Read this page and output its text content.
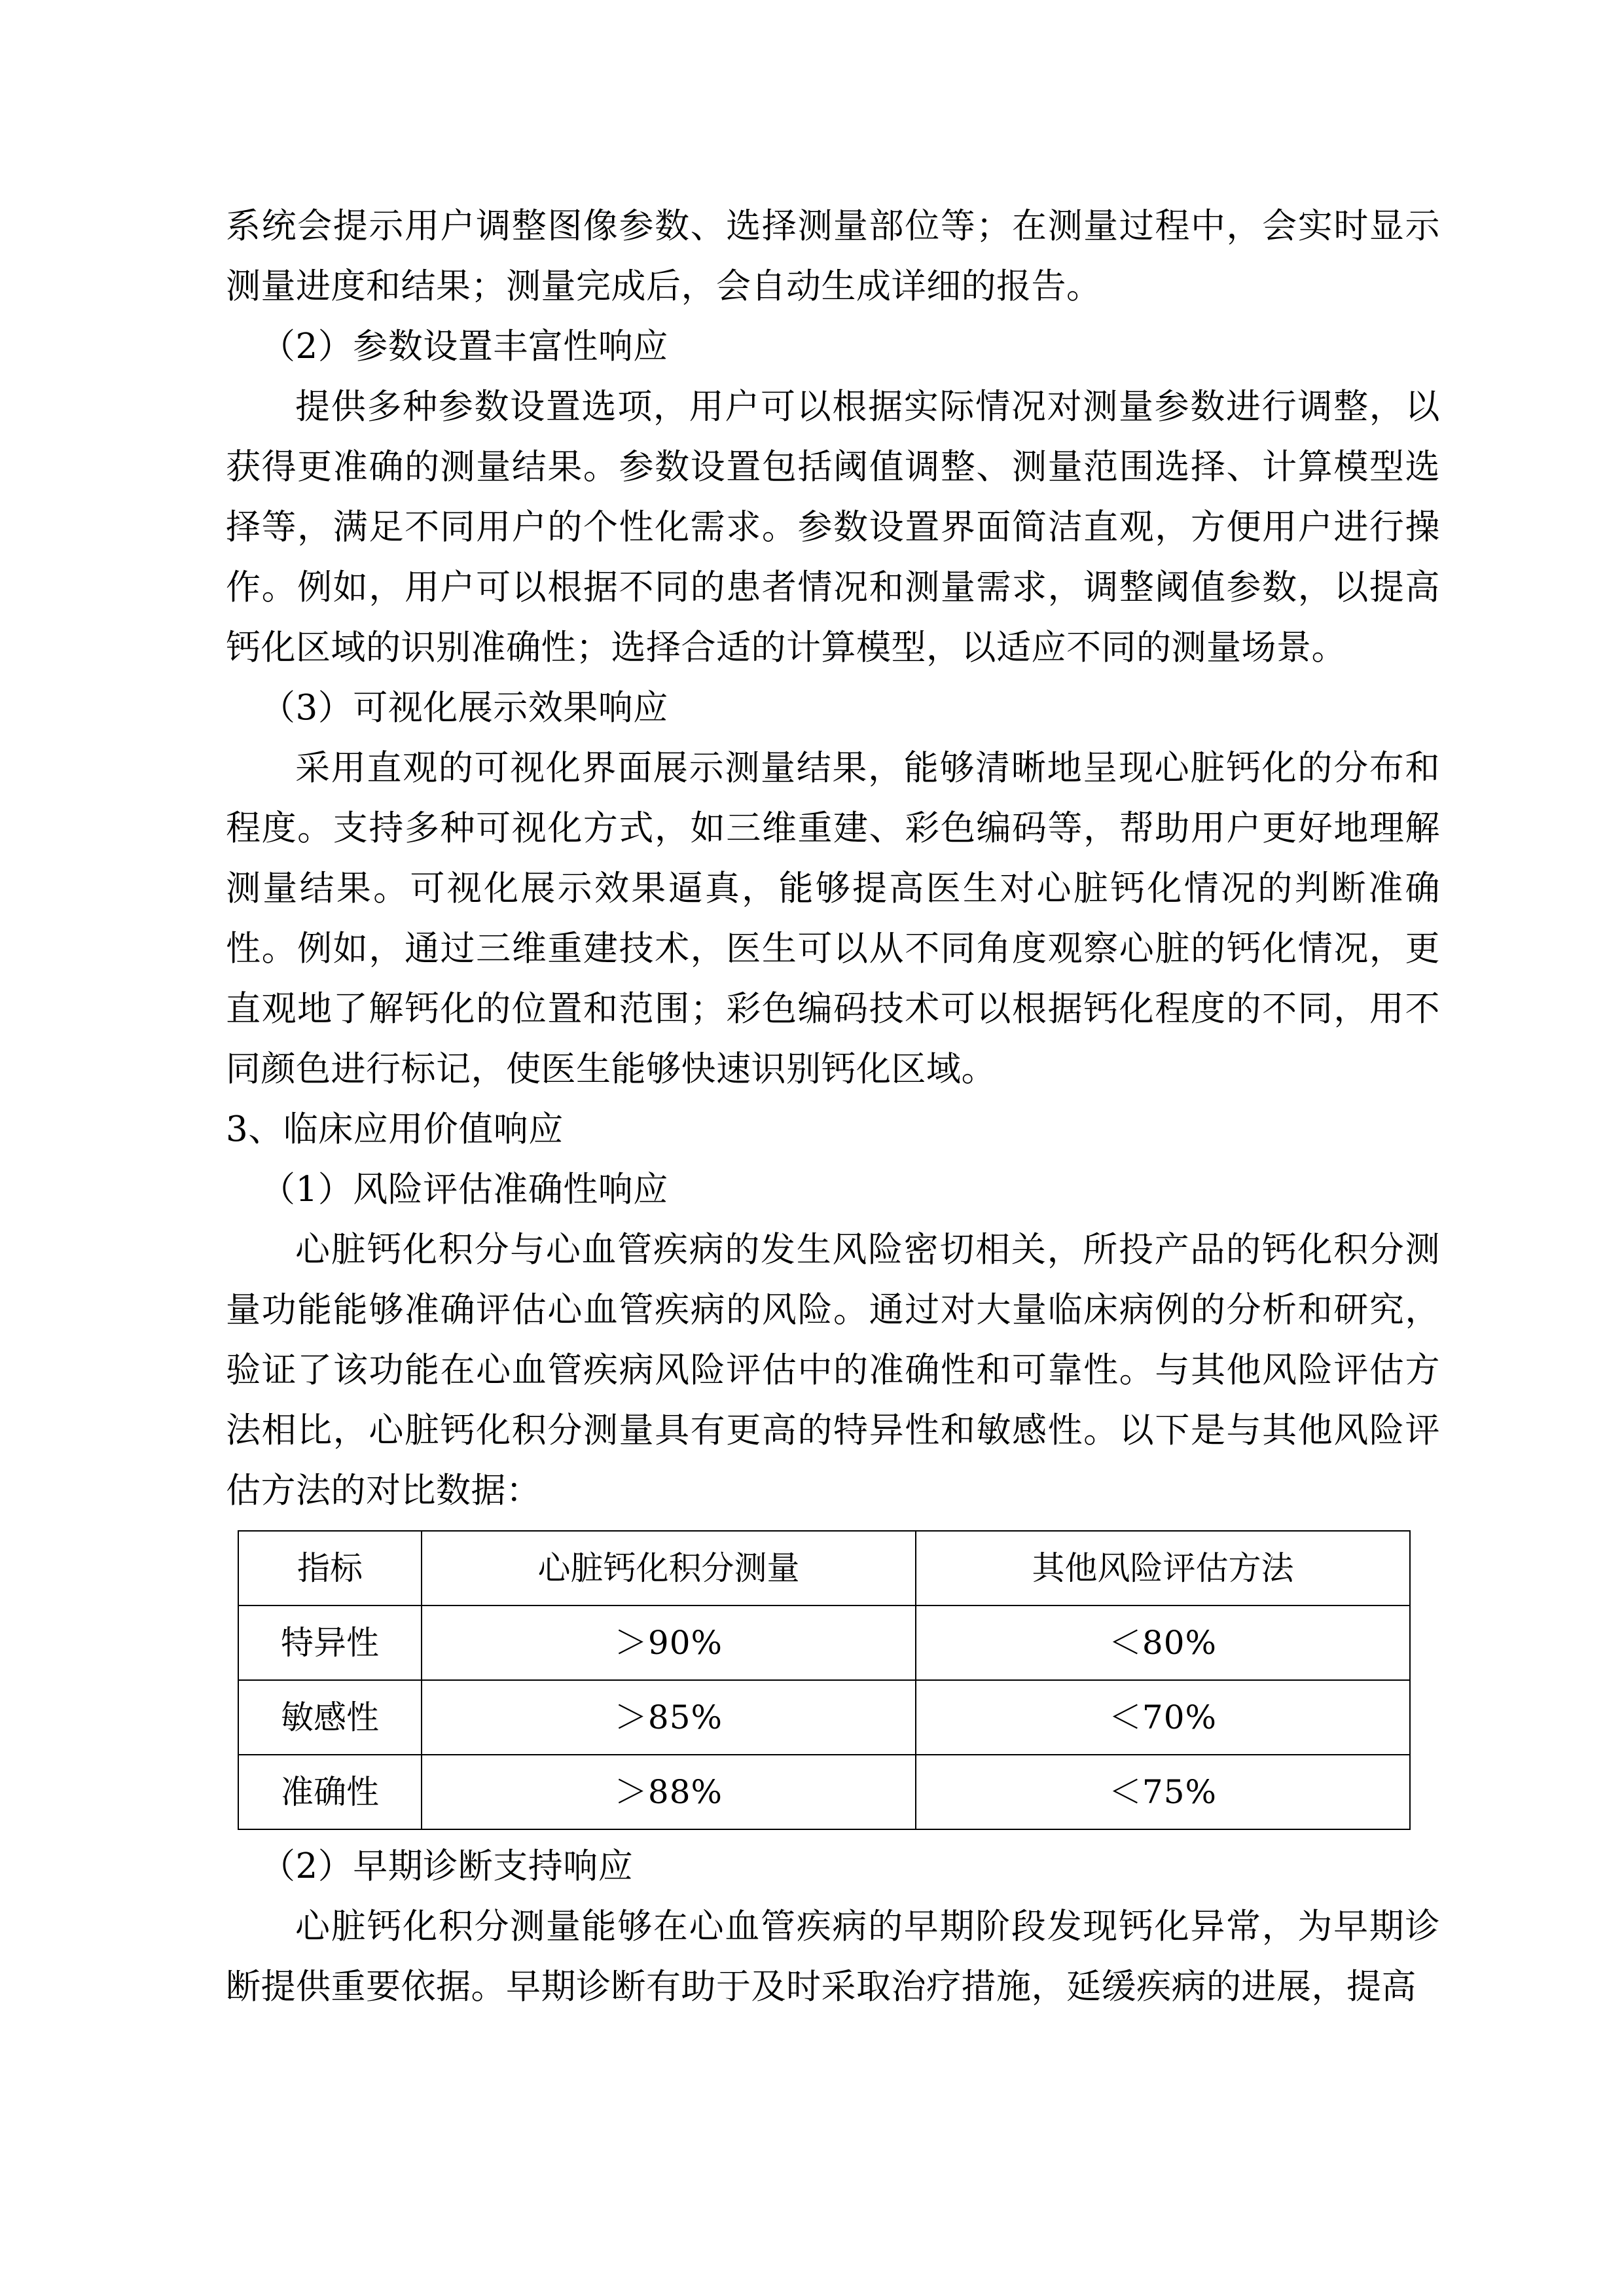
系统会提示用户调整图像参数、选择测量部位等；在测量过程中，会实时显示测量进度和结果；测量完成后，会自动生成详细的报告。

（2）参数设置丰富性响应

提供多种参数设置选项，用户可以根据实际情况对测量参数进行调整，以获得更准确的测量结果。参数设置包括阈值调整、测量范围选择、计算模型选择等，满足不同用户的个性化需求。参数设置界面简洁直观，方便用户进行操作。例如，用户可以根据不同的患者情况和测量需求，调整阈值参数，以提高钙化区域的识别准确性；选择合适的计算模型，以适应不同的测量场景。

（3）可视化展示效果响应

采用直观的可视化界面展示测量结果，能够清晰地呈现心脏钙化的分布和程度。支持多种可视化方式，如三维重建、彩色编码等，帮助用户更好地理解测量结果。可视化展示效果逼真，能够提高医生对心脏钙化情况的判断准确性。例如，通过三维重建技术，医生可以从不同角度观察心脏的钙化情况，更直观地了解钙化的位置和范围；彩色编码技术可以根据钙化程度的不同，用不同颜色进行标记，使医生能够快速识别钙化区域。

3、临床应用价值响应

（1）风险评估准确性响应

心脏钙化积分与心血管疾病的发生风险密切相关，所投产品的钙化积分测量功能能够准确评估心血管疾病的风险。通过对大量临床病例的分析和研究，验证了该功能在心血管疾病风险评估中的准确性和可靠性。与其他风险评估方法相比，心脏钙化积分测量具有更高的特异性和敏感性。以下是与其他风险评估方法的对比数据：

指标	心脏钙化积分测量	其他风险评估方法
特异性	＞90%	＜80%
敏感性	＞85%	＜70%
准确性	＞88%	＜75%

（2）早期诊断支持响应

心脏钙化积分测量能够在心血管疾病的早期阶段发现钙化异常，为早期诊断提供重要依据。早期诊断有助于及时采取治疗措施，延缓疾病的进展，提高
